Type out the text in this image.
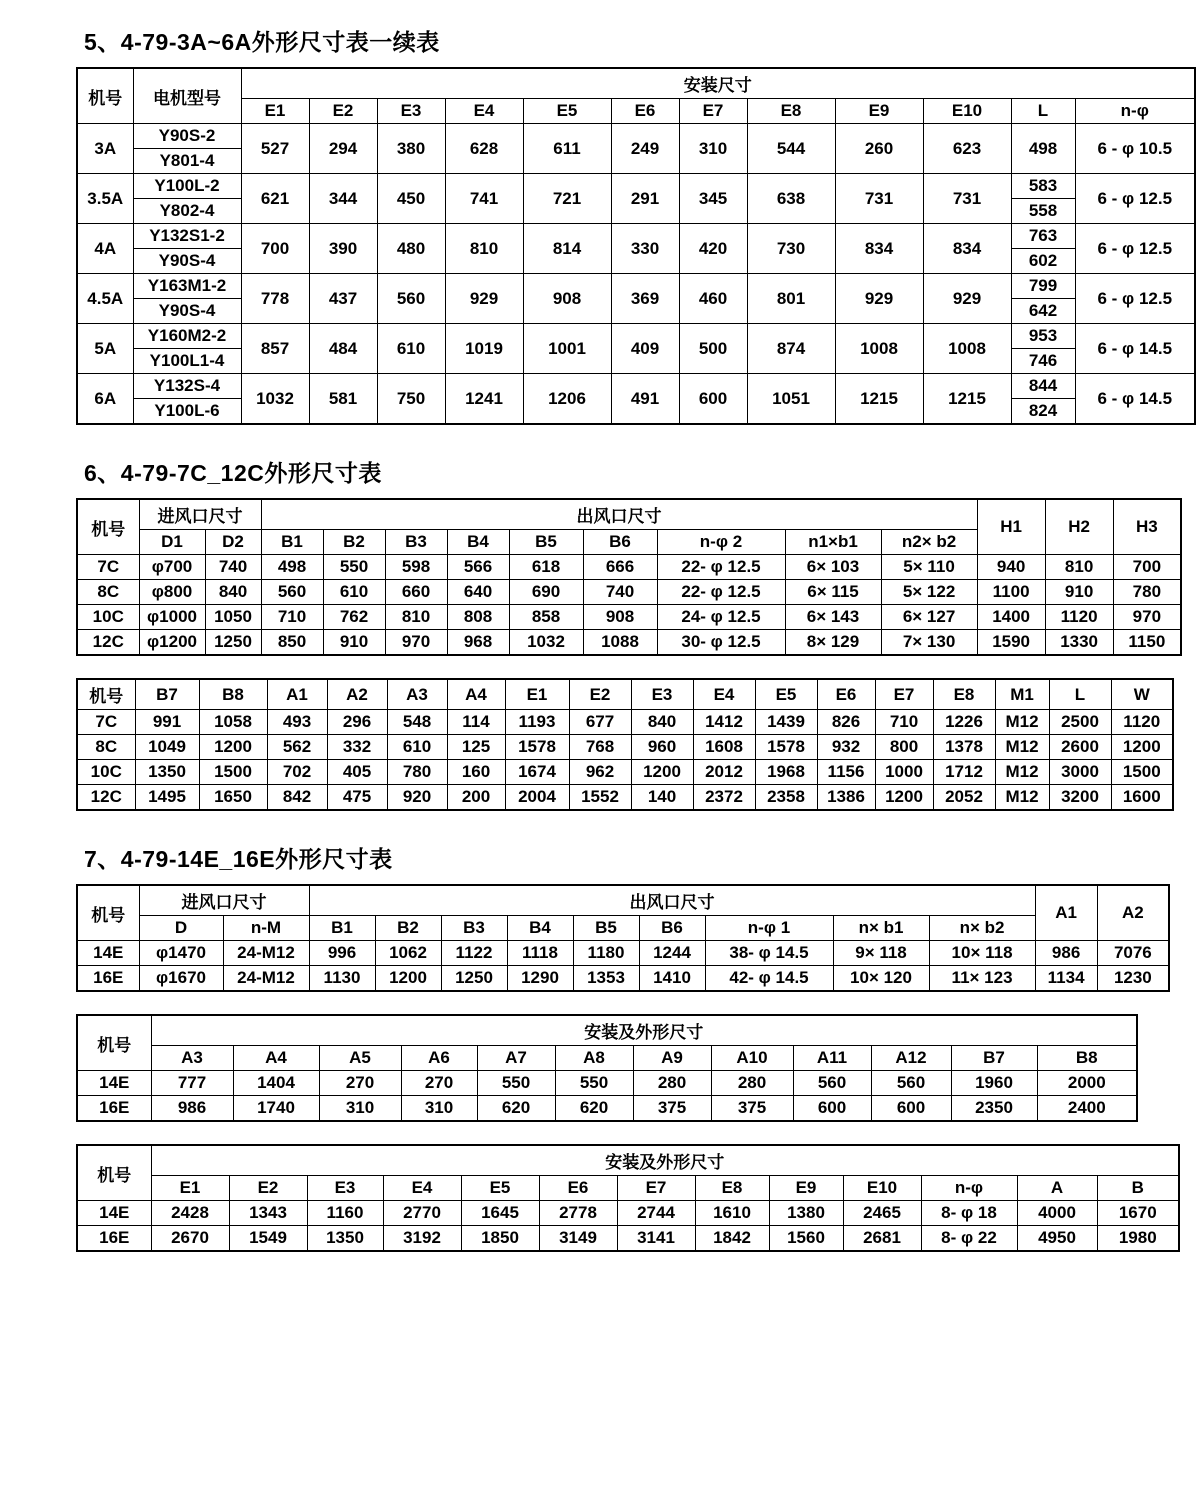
5、4-79-3A~6A外形尺寸表一续表
机号	电机型号	安装尺寸											
		E1	E2	E3	E4	E5	E6	E7	E8	E9	E10	L	n-φ
3A	Y90S-2	527	294	380	628	611	249	310	544	260	623	498	6 - φ 10.5
	Y801-4												
3.5A	Y100L-2	621	344	450	741	721	291	345	638	731	731	583	6 - φ 12.5
	Y802-4											558	
4A	Y132S1-2	700	390	480	810	814	330	420	730	834	834	763	6 - φ 12.5
	Y90S-4											602	
4.5A	Y163M1-2	778	437	560	929	908	369	460	801	929	929	799	6 - φ 12.5
	Y90S-4											642	
5A	Y160M2-2	857	484	610	1019	1001	409	500	874	1008	1008	953	6 - φ 14.5
	Y100L1-4											746	
6A	Y132S-4	1032	581	750	1241	1206	491	600	1051	1215	1215	844	6 - φ 14.5
	Y100L-6											824	
6、4-79-7C_12C外形尺寸表
机号	进风口尺寸		出风口尺寸									H1	H2	H3
	D1	D2	B1	B2	B3	B4	B5	B6	n-φ 2	n1×b1	n2× b2			
7C	φ700	740	498	550	598	566	618	666	22- φ 12.5	6× 103	5× 110	940	810	700
8C	φ800	840	560	610	660	640	690	740	22- φ 12.5	6× 115	5× 122	1100	910	780
10C	φ1000	1050	710	762	810	808	858	908	24- φ 12.5	6× 143	6× 127	1400	1120	970
12C	φ1200	1250	850	910	970	968	1032	1088	30- φ 12.5	8× 129	7× 130	1590	1330	1150
机号	B7	B8	A1	A2	A3	A4	E1	E2	E3	E4	E5	E6	E7	E8	M1	L	W
7C	991	1058	493	296	548	114	1193	677	840	1412	1439	826	710	1226	M12	2500	1120
8C	1049	1200	562	332	610	125	1578	768	960	1608	1578	932	800	1378	M12	2600	1200
10C	1350	1500	702	405	780	160	1674	962	1200	2012	1968	1156	1000	1712	M12	3000	1500
12C	1495	1650	842	475	920	200	2004	1552	140	2372	2358	1386	1200	2052	M12	3200	1600
7、4-79-14E_16E外形尺寸表
机号	进风口尺寸		出风口尺寸									A1	A2
	D	n-M	B1	B2	B3	B4	B5	B6	n-φ 1	n× b1	n× b2		
14E	φ1470	24-M12	996	1062	1122	1118	1180	1244	38- φ 14.5	9× 118	10× 118	986	7076
16E	φ1670	24-M12	1130	1200	1250	1290	1353	1410	42- φ 14.5	10× 120	11× 123	1134	1230
机号	安装及外形尺寸											
	A3	A4	A5	A6	A7	A8	A9	A10	A11	A12	B7	B8
14E	777	1404	270	270	550	550	280	280	560	560	1960	2000
16E	986	1740	310	310	620	620	375	375	600	600	2350	2400
机号	安装及外形尺寸												
	E1	E2	E3	E4	E5	E6	E7	E8	E9	E10	n-φ	A	B
14E	2428	1343	1160	2770	1645	2778	2744	1610	1380	2465	8- φ 18	4000	1670
16E	2670	1549	1350	3192	1850	3149	3141	1842	1560	2681	8- φ 22	4950	1980
